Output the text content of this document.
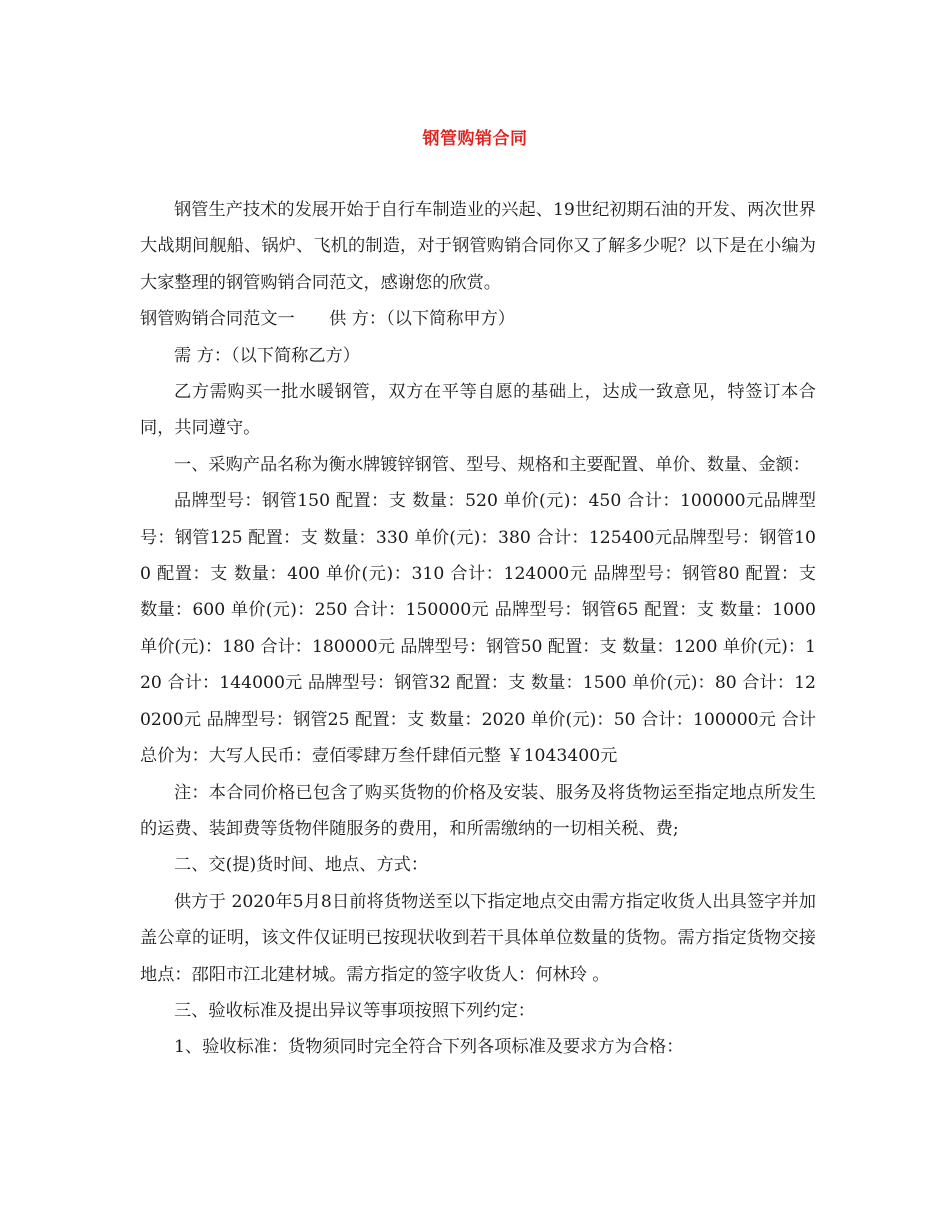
钢管购销合同

钢管生产技术的发展开始于自行车制造业的兴起、19世纪初期石油的开发、两次世界大战期间舰船、锅炉、飞机的制造，对于钢管购销合同你又了解多少呢？以下是在小编为大家整理的钢管购销合同范文，感谢您的欣赏。

钢管购销合同范文一　　供 方：（以下简称甲方）

需 方：（以下简称乙方）

乙方需购买一批水暖钢管，双方在平等自愿的基础上，达成一致意见，特签订本合同，共同遵守。

一、采购产品名称为衡水牌镀锌钢管、型号、规格和主要配置、单价、数量、金额：

品牌型号：钢管150 配置：支 数量：520 单价(元)：450 合计：100000元品牌型号：钢管125 配置：支 数量：330 单价(元)：380 合计：125400元品牌型号：钢管100 配置：支 数量：400 单价(元)：310 合计：124000元 品牌型号：钢管80 配置：支 数量：600 单价(元)：250 合计：150000元 品牌型号：钢管65 配置：支 数量：1000 单价(元)：180 合计：180000元 品牌型号：钢管50 配置：支 数量：1200 单价(元)：120 合计：144000元 品牌型号：钢管32 配置：支 数量：1500 单价(元)：80 合计：120200元 品牌型号：钢管25 配置：支 数量：2020 单价(元)：50 合计：100000元 合计总价为：大写人民币：壹佰零肆万叁仟肆佰元整 ￥1043400元

注：本合同价格已包含了购买货物的价格及安装、服务及将货物运至指定地点所发生的运费、装卸费等货物伴随服务的费用，和所需缴纳的一切相关税、费;

二、交(提)货时间、地点、方式：

供方于 2020年5月8日前将货物送至以下指定地点交由需方指定收货人出具签字并加盖公章的证明，该文件仅证明已按现状收到若干具体单位数量的货物。需方指定货物交接地点：邵阳市江北建材城。需方指定的签字收货人：何林玲 。

三、验收标准及提出异议等事项按照下列约定：

1、验收标准：货物须同时完全符合下列各项标准及要求方为合格：
